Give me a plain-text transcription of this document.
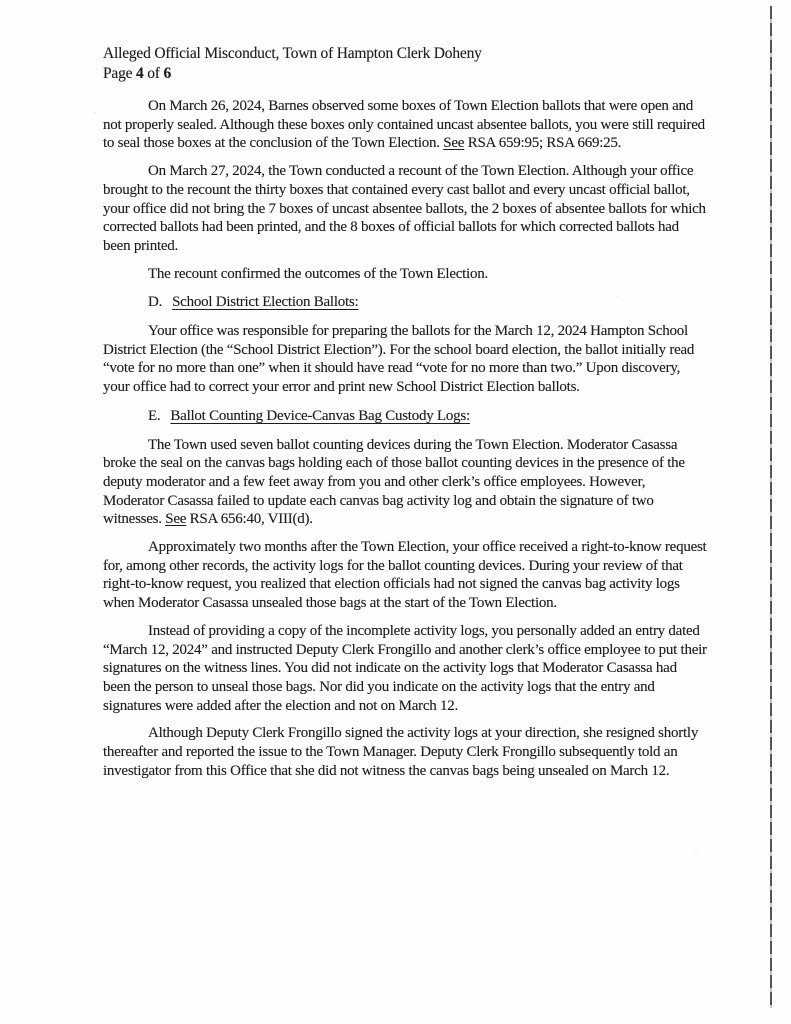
Alleged Official Misconduct, Town of Hampton Clerk Doheny
Page 4 of 6
On March 26, 2024, Barnes observed some boxes of Town Election ballots that were open and not properly sealed. Although these boxes only contained uncast absentee ballots, you were still required to seal those boxes at the conclusion of the Town Election. See RSA 659:95; RSA 669:25.
On March 27, 2024, the Town conducted a recount of the Town Election. Although your office brought to the recount the thirty boxes that contained every cast ballot and every uncast official ballot, your office did not bring the 7 boxes of uncast absentee ballots, the 2 boxes of absentee ballots for which corrected ballots had been printed, and the 8 boxes of official ballots for which corrected ballots had been printed.
The recount confirmed the outcomes of the Town Election.
D. School District Election Ballots:
Your office was responsible for preparing the ballots for the March 12, 2024 Hampton School District Election (the “School District Election”). For the school board election, the ballot initially read “vote for no more than one” when it should have read “vote for no more than two.” Upon discovery, your office had to correct your error and print new School District Election ballots.
E. Ballot Counting Device-Canvas Bag Custody Logs:
The Town used seven ballot counting devices during the Town Election. Moderator Casassa broke the seal on the canvas bags holding each of those ballot counting devices in the presence of the deputy moderator and a few feet away from you and other clerk’s office employees. However, Moderator Casassa failed to update each canvas bag activity log and obtain the signature of two witnesses. See RSA 656:40, VIII(d).
Approximately two months after the Town Election, your office received a right-to-know request for, among other records, the activity logs for the ballot counting devices. During your review of that right-to-know request, you realized that election officials had not signed the canvas bag activity logs when Moderator Casassa unsealed those bags at the start of the Town Election.
Instead of providing a copy of the incomplete activity logs, you personally added an entry dated “March 12, 2024” and instructed Deputy Clerk Frongillo and another clerk’s office employee to put their signatures on the witness lines. You did not indicate on the activity logs that Moderator Casassa had been the person to unseal those bags. Nor did you indicate on the activity logs that the entry and signatures were added after the election and not on March 12.
Although Deputy Clerk Frongillo signed the activity logs at your direction, she resigned shortly thereafter and reported the issue to the Town Manager. Deputy Clerk Frongillo subsequently told an investigator from this Office that she did not witness the canvas bags being unsealed on March 12.
